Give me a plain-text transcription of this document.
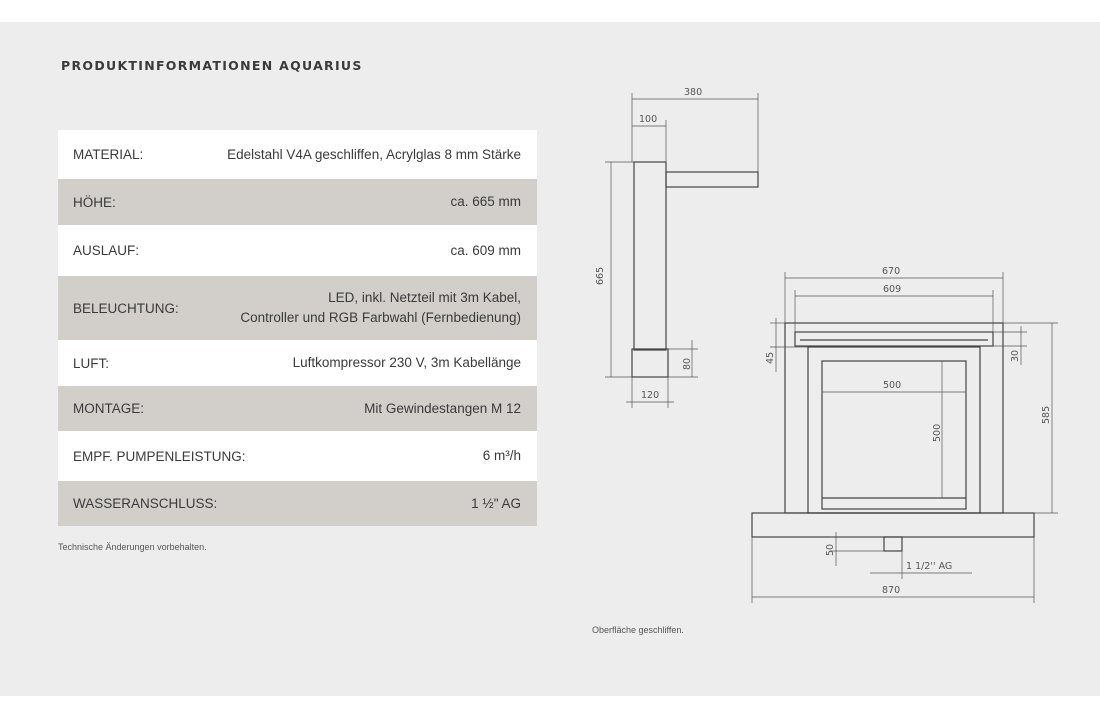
PRODUKTINFORMATIONEN AQUARIUS
MATERIAL:	Edelstahl V4A geschliffen, Acrylglas 8 mm Stärke
HÖHE:	ca. 665 mm
AUSLAUF:	ca. 609 mm
BELEUCHTUNG:
LED, inkl. Netzteil mit 3m Kabel,
Controller und RGB Farbwahl (Fernbedienung)
LUFT:	Luftkompressor 230 V, 3m Kabellänge
MONTAGE:	Mit Gewindestangen M 12
EMPF. PUMPENLEISTUNG:	6 m³/h
WASSERANSCHLUSS:	1 ½" AG
Technische Änderungen vorbehalten.
Oberfläche geschliffen.
380
100
665
80
120
670
609
45	30
500
500
585
50
1 1/2'' AG
870
